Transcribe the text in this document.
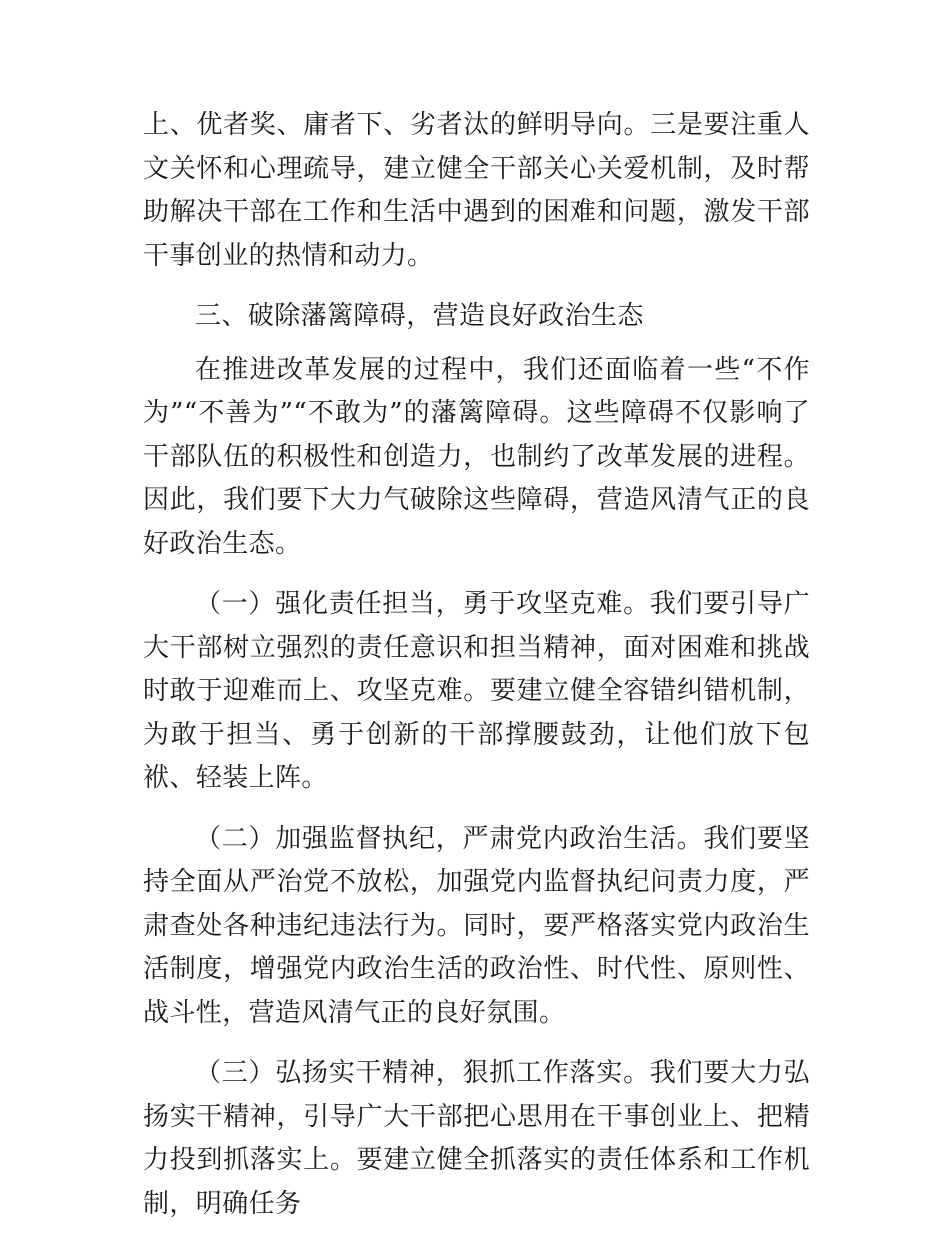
上、优者奖、庸者下、劣者汰的鲜明导向。三是要注重人文关怀和心理疏导，建立健全干部关心关爱机制，及时帮助解决干部在工作和生活中遇到的困难和问题，激发干部干事创业的热情和动力。

三、破除藩篱障碍，营造良好政治生态

在推进改革发展的过程中，我们还面临着一些“不作为”“不善为”“不敢为”的藩篱障碍。这些障碍不仅影响了干部队伍的积极性和创造力，也制约了改革发展的进程。因此，我们要下大力气破除这些障碍，营造风清气正的良好政治生态。

（一）强化责任担当，勇于攻坚克难。我们要引导广大干部树立强烈的责任意识和担当精神，面对困难和挑战时敢于迎难而上、攻坚克难。要建立健全容错纠错机制，为敢于担当、勇于创新的干部撑腰鼓劲，让他们放下包袱、轻装上阵。

（二）加强监督执纪，严肃党内政治生活。我们要坚持全面从严治党不放松，加强党内监督执纪问责力度，严肃查处各种违纪违法行为。同时，要严格落实党内政治生活制度，增强党内政治生活的政治性、时代性、原则性、战斗性，营造风清气正的良好氛围。

（三）弘扬实干精神，狠抓工作落实。我们要大力弘扬实干精神，引导广大干部把心思用在干事创业上、把精力投到抓落实上。要建立健全抓落实的责任体系和工作机制，明确任务
